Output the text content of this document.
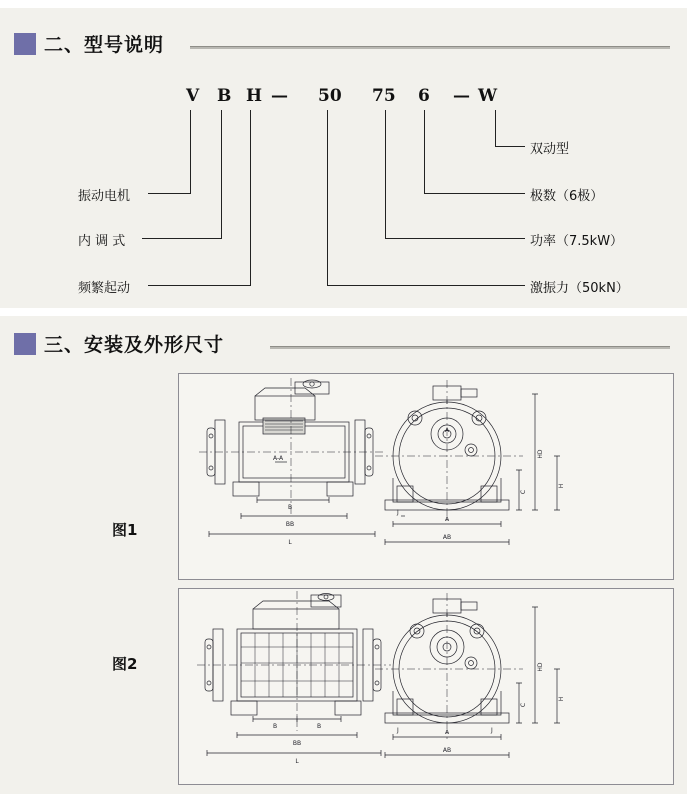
二、 型号说明
V B H — 50 75 6 — W
振动电机
内 调 式
频繁起动
双动型
极数（6极）
功率（7.5kW）
激振力（50kN）
三、 安装及外形尺寸
图1
图2
A-A
B
BB
L
A
AB
J
A
HD
C
H
B	B
BB
L
A
AB
J	J
HD
C
H
